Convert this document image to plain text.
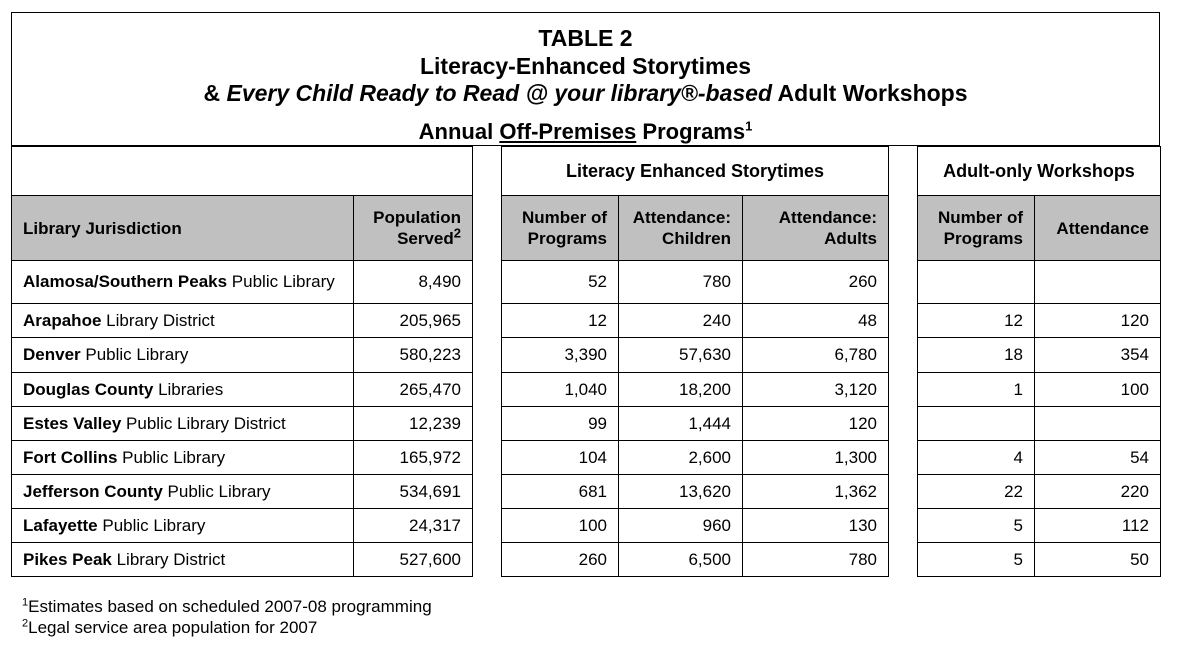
TABLE 2
Literacy-Enhanced Storytimes
& Every Child Ready to Read @ your library®-based Adult Workshops
Annual Off-Premises Programs$^1$
			Literacy Enhanced Storytimes				Adult-only Workshops	
Library Jurisdiction	Population Served$^2$		Number of Programs	Attendance: Children	Attendance: Adults		Number of Programs	Attendance
Alamosa/Southern Peaks Public Library	8,490		52	780	260			
Arapahoe Library District	205,965		12	240	48		12	120
Denver Public Library	580,223		3,390	57,630	6,780		18	354
Douglas County Libraries	265,470		1,040	18,200	3,120		1	100
Estes Valley Public Library District	12,239		99	1,444	120			
Fort Collins Public Library	165,972		104	2,600	1,300		4	54
Jefferson County Public Library	534,691		681	13,620	1,362		22	220
Lafayette Public Library	24,317		100	960	130		5	112
Pikes Peak Library District	527,600		260	6,500	780		5	50
$^1$Estimates based on scheduled 2007-08 programming
$^2$Legal service area population for 2007
